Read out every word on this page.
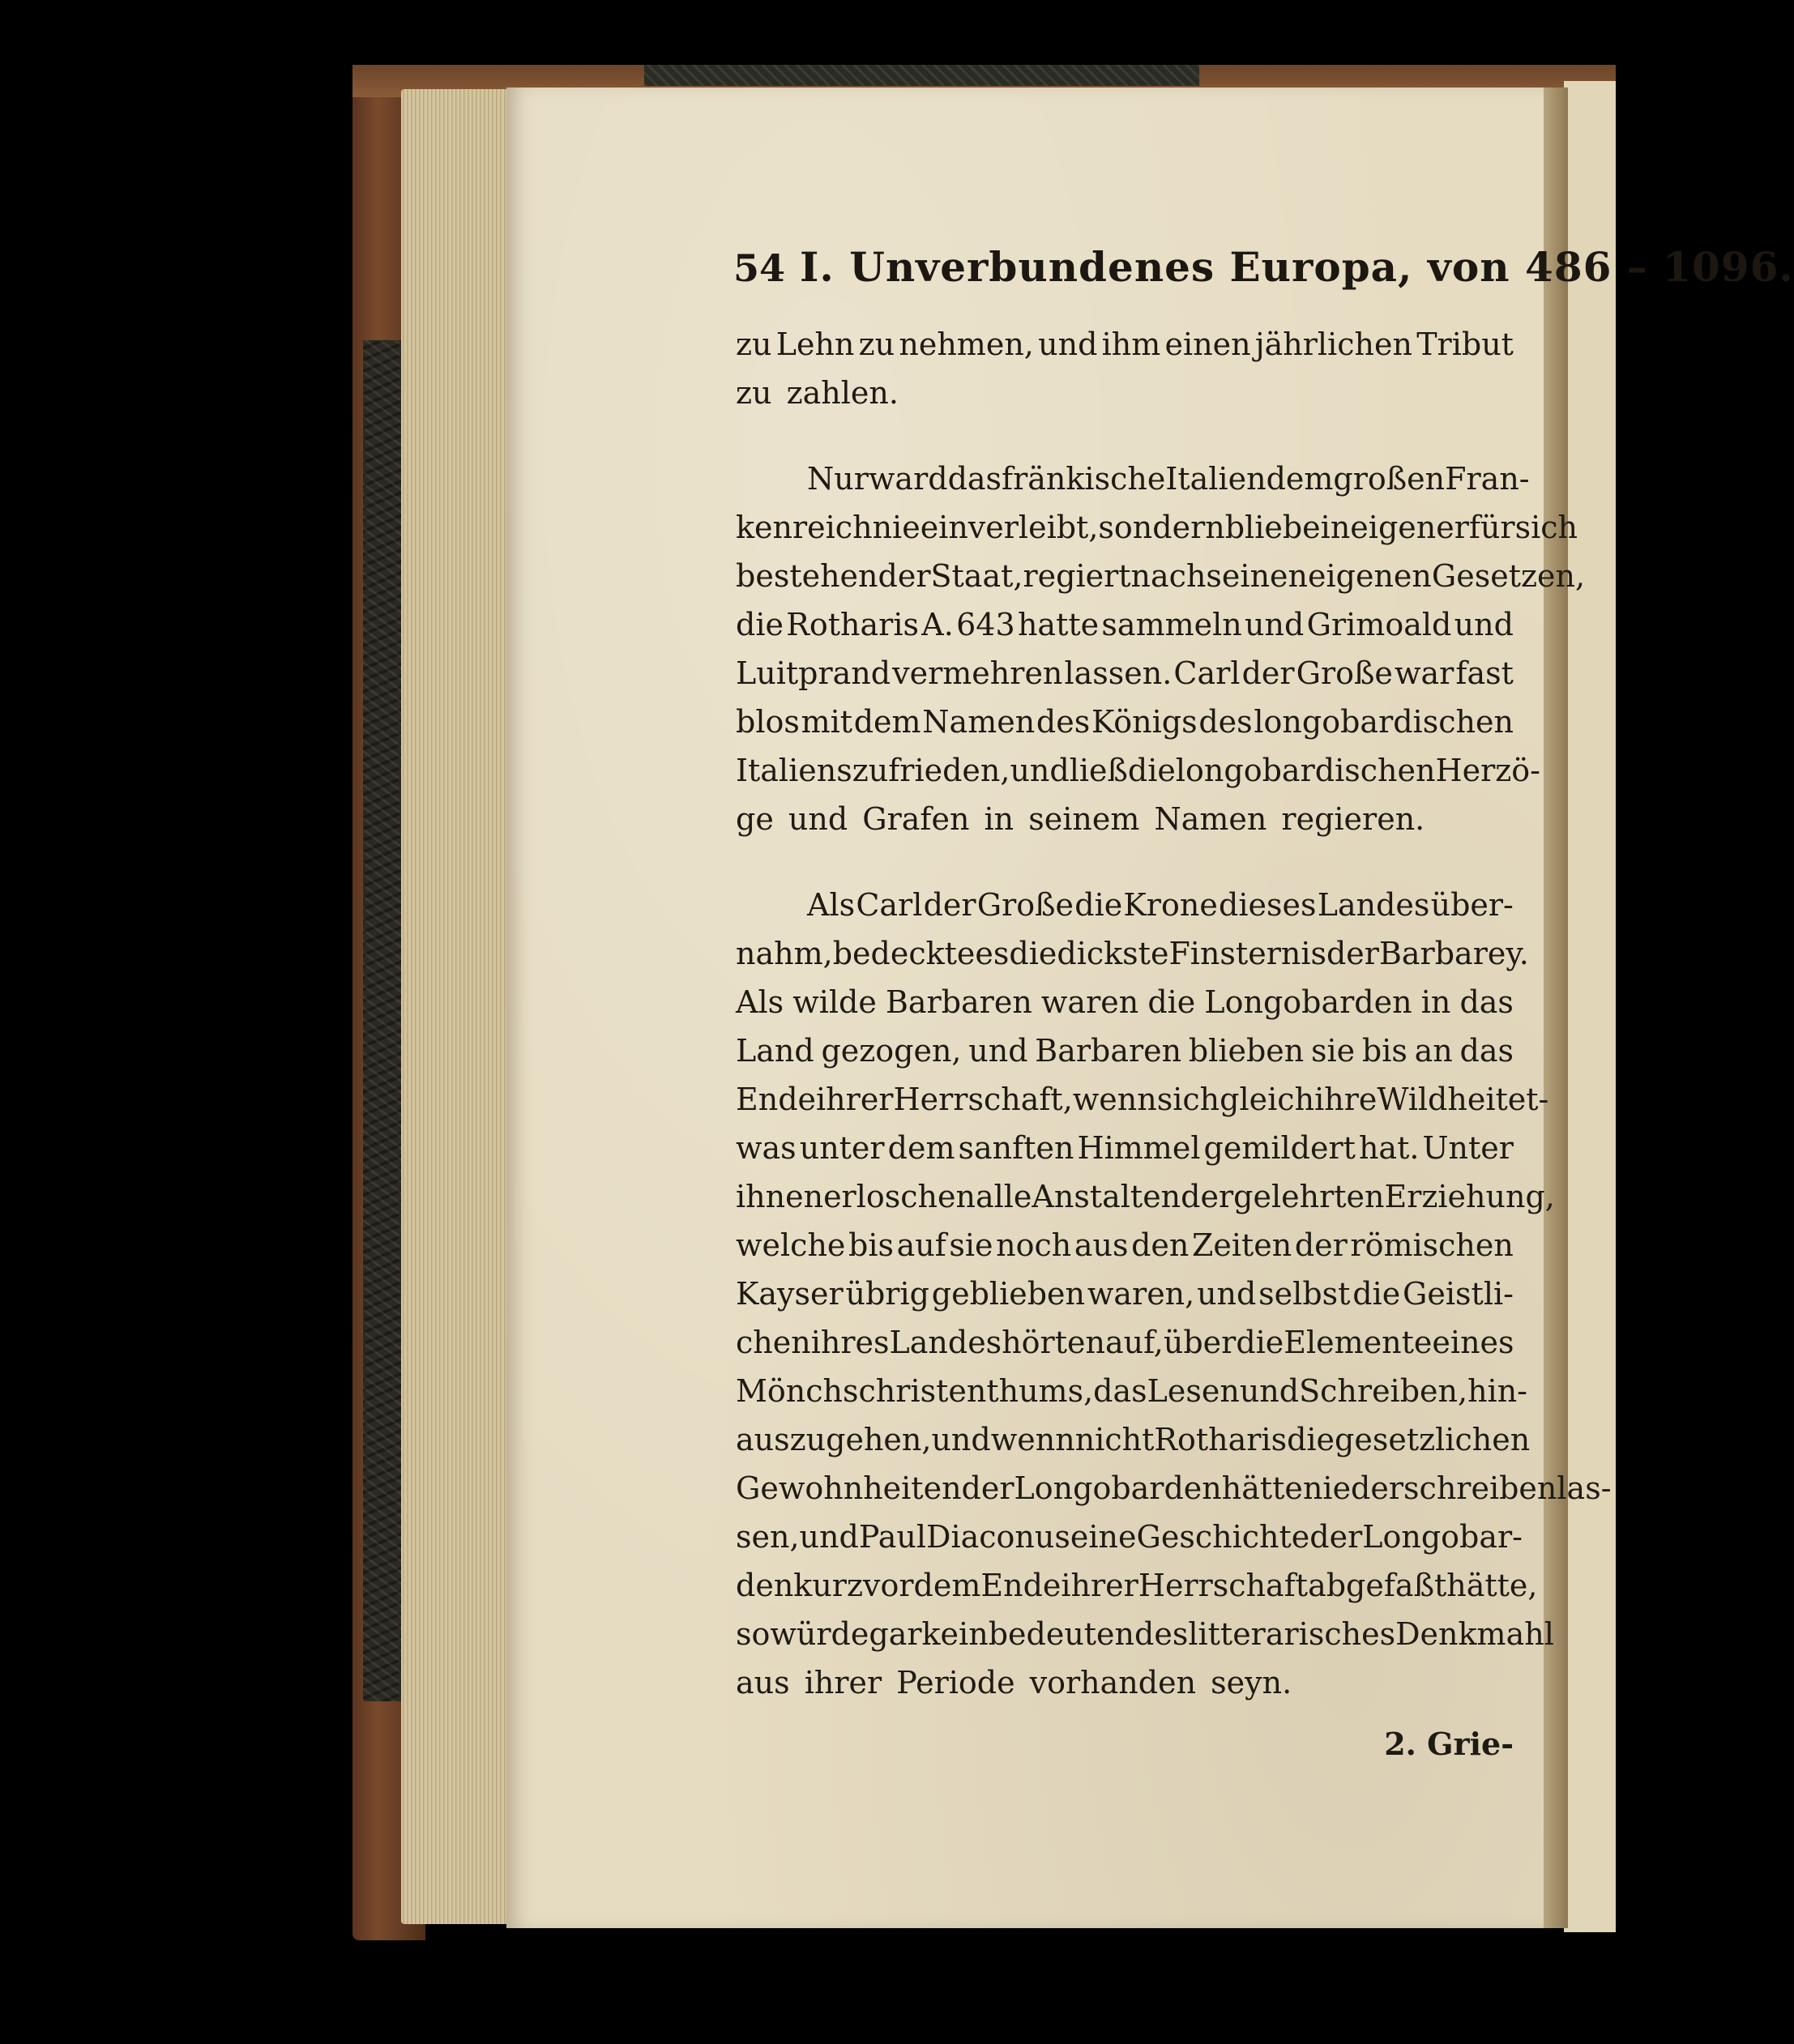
54 I. Unverbundenes Europa, von 486 – 1096.
zu Lehn zu nehmen, und ihm einen jährlichen Tribut
zu zahlen.
Nur ward das fränkische Italien dem großen Fran-
kenreich nie einverleibt, sondern blieb ein eigener für sich
bestehender Staat, regiert nach seinen eigenen Gesetzen,
die Rotharis A. 643 hatte sammeln und Grimoald und
Luitprand vermehren lassen. Carl der Große war fast
blos mit dem Namen des Königs des longobardischen
Italiens zufrieden, und ließ die longobardischen Herzö-
ge und Grafen in seinem Namen regieren.
Als Carl der Große die Krone dieses Landes über-
nahm, bedeckte es die dickste Finsternis der Barbarey.
Als wilde Barbaren waren die Longobarden in das
Land gezogen, und Barbaren blieben sie bis an das
Ende ihrer Herrschaft, wenn sich gleich ihre Wildheit et-
was unter dem sanften Himmel gemildert hat. Unter
ihnen erloschen alle Anstalten der gelehrten Erziehung,
welche bis auf sie noch aus den Zeiten der römischen
Kayser übrig geblieben waren, und selbst die Geistli-
chen ihres Landes hörten auf, über die Elemente eines
Mönchschristenthums, das Lesen und Schreiben, hin-
auszugehen, und wenn nicht Rotharis die gesetzlichen
Gewohnheiten der Longobarden hätte niederschreiben las-
sen, und Paul Diaconus eine Geschichte der Longobar-
den kurz vor dem Ende ihrer Herrschaft abgefaßt hätte,
so würde gar kein bedeutendes litterarisches Denkmahl
aus ihrer Periode vorhanden seyn.
2. Grie-
